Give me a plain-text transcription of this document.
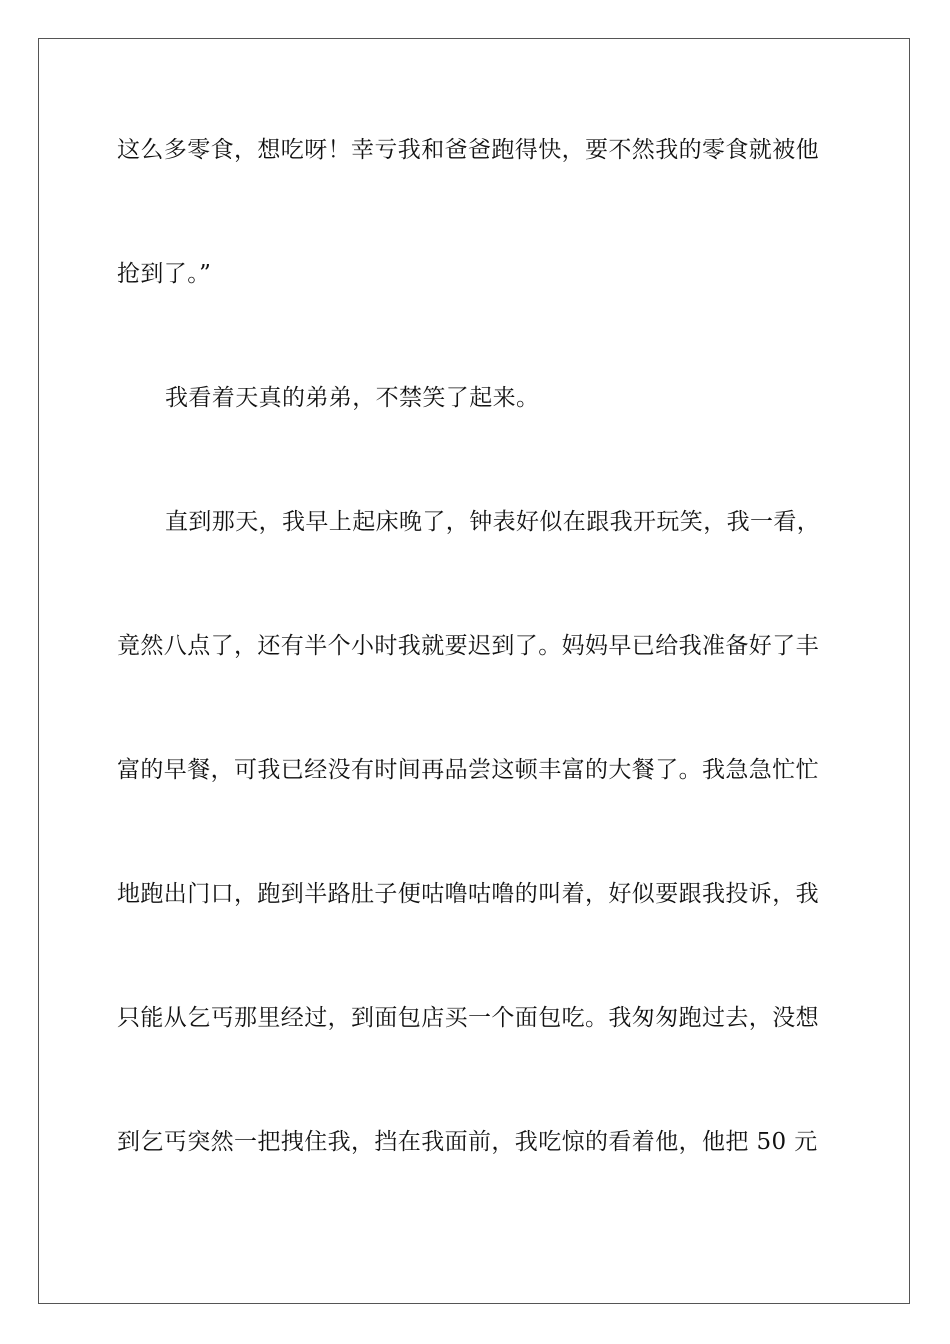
这么多零食，想吃呀！幸亏我和爸爸跑得快，要不然我的零食就被他

抢到了。”

我看着天真的弟弟，不禁笑了起来。

直到那天，我早上起床晚了，钟表好似在跟我开玩笑，我一看，

竟然八点了，还有半个小时我就要迟到了。妈妈早已给我准备好了丰

富的早餐，可我已经没有时间再品尝这顿丰富的大餐了。我急急忙忙

地跑出门口，跑到半路肚子便咕噜咕噜的叫着，好似要跟我投诉，我

只能从乞丐那里经过，到面包店买一个面包吃。我匆匆跑过去，没想

到乞丐突然一把拽住我，挡在我面前，我吃惊的看着他，他把 50 元
